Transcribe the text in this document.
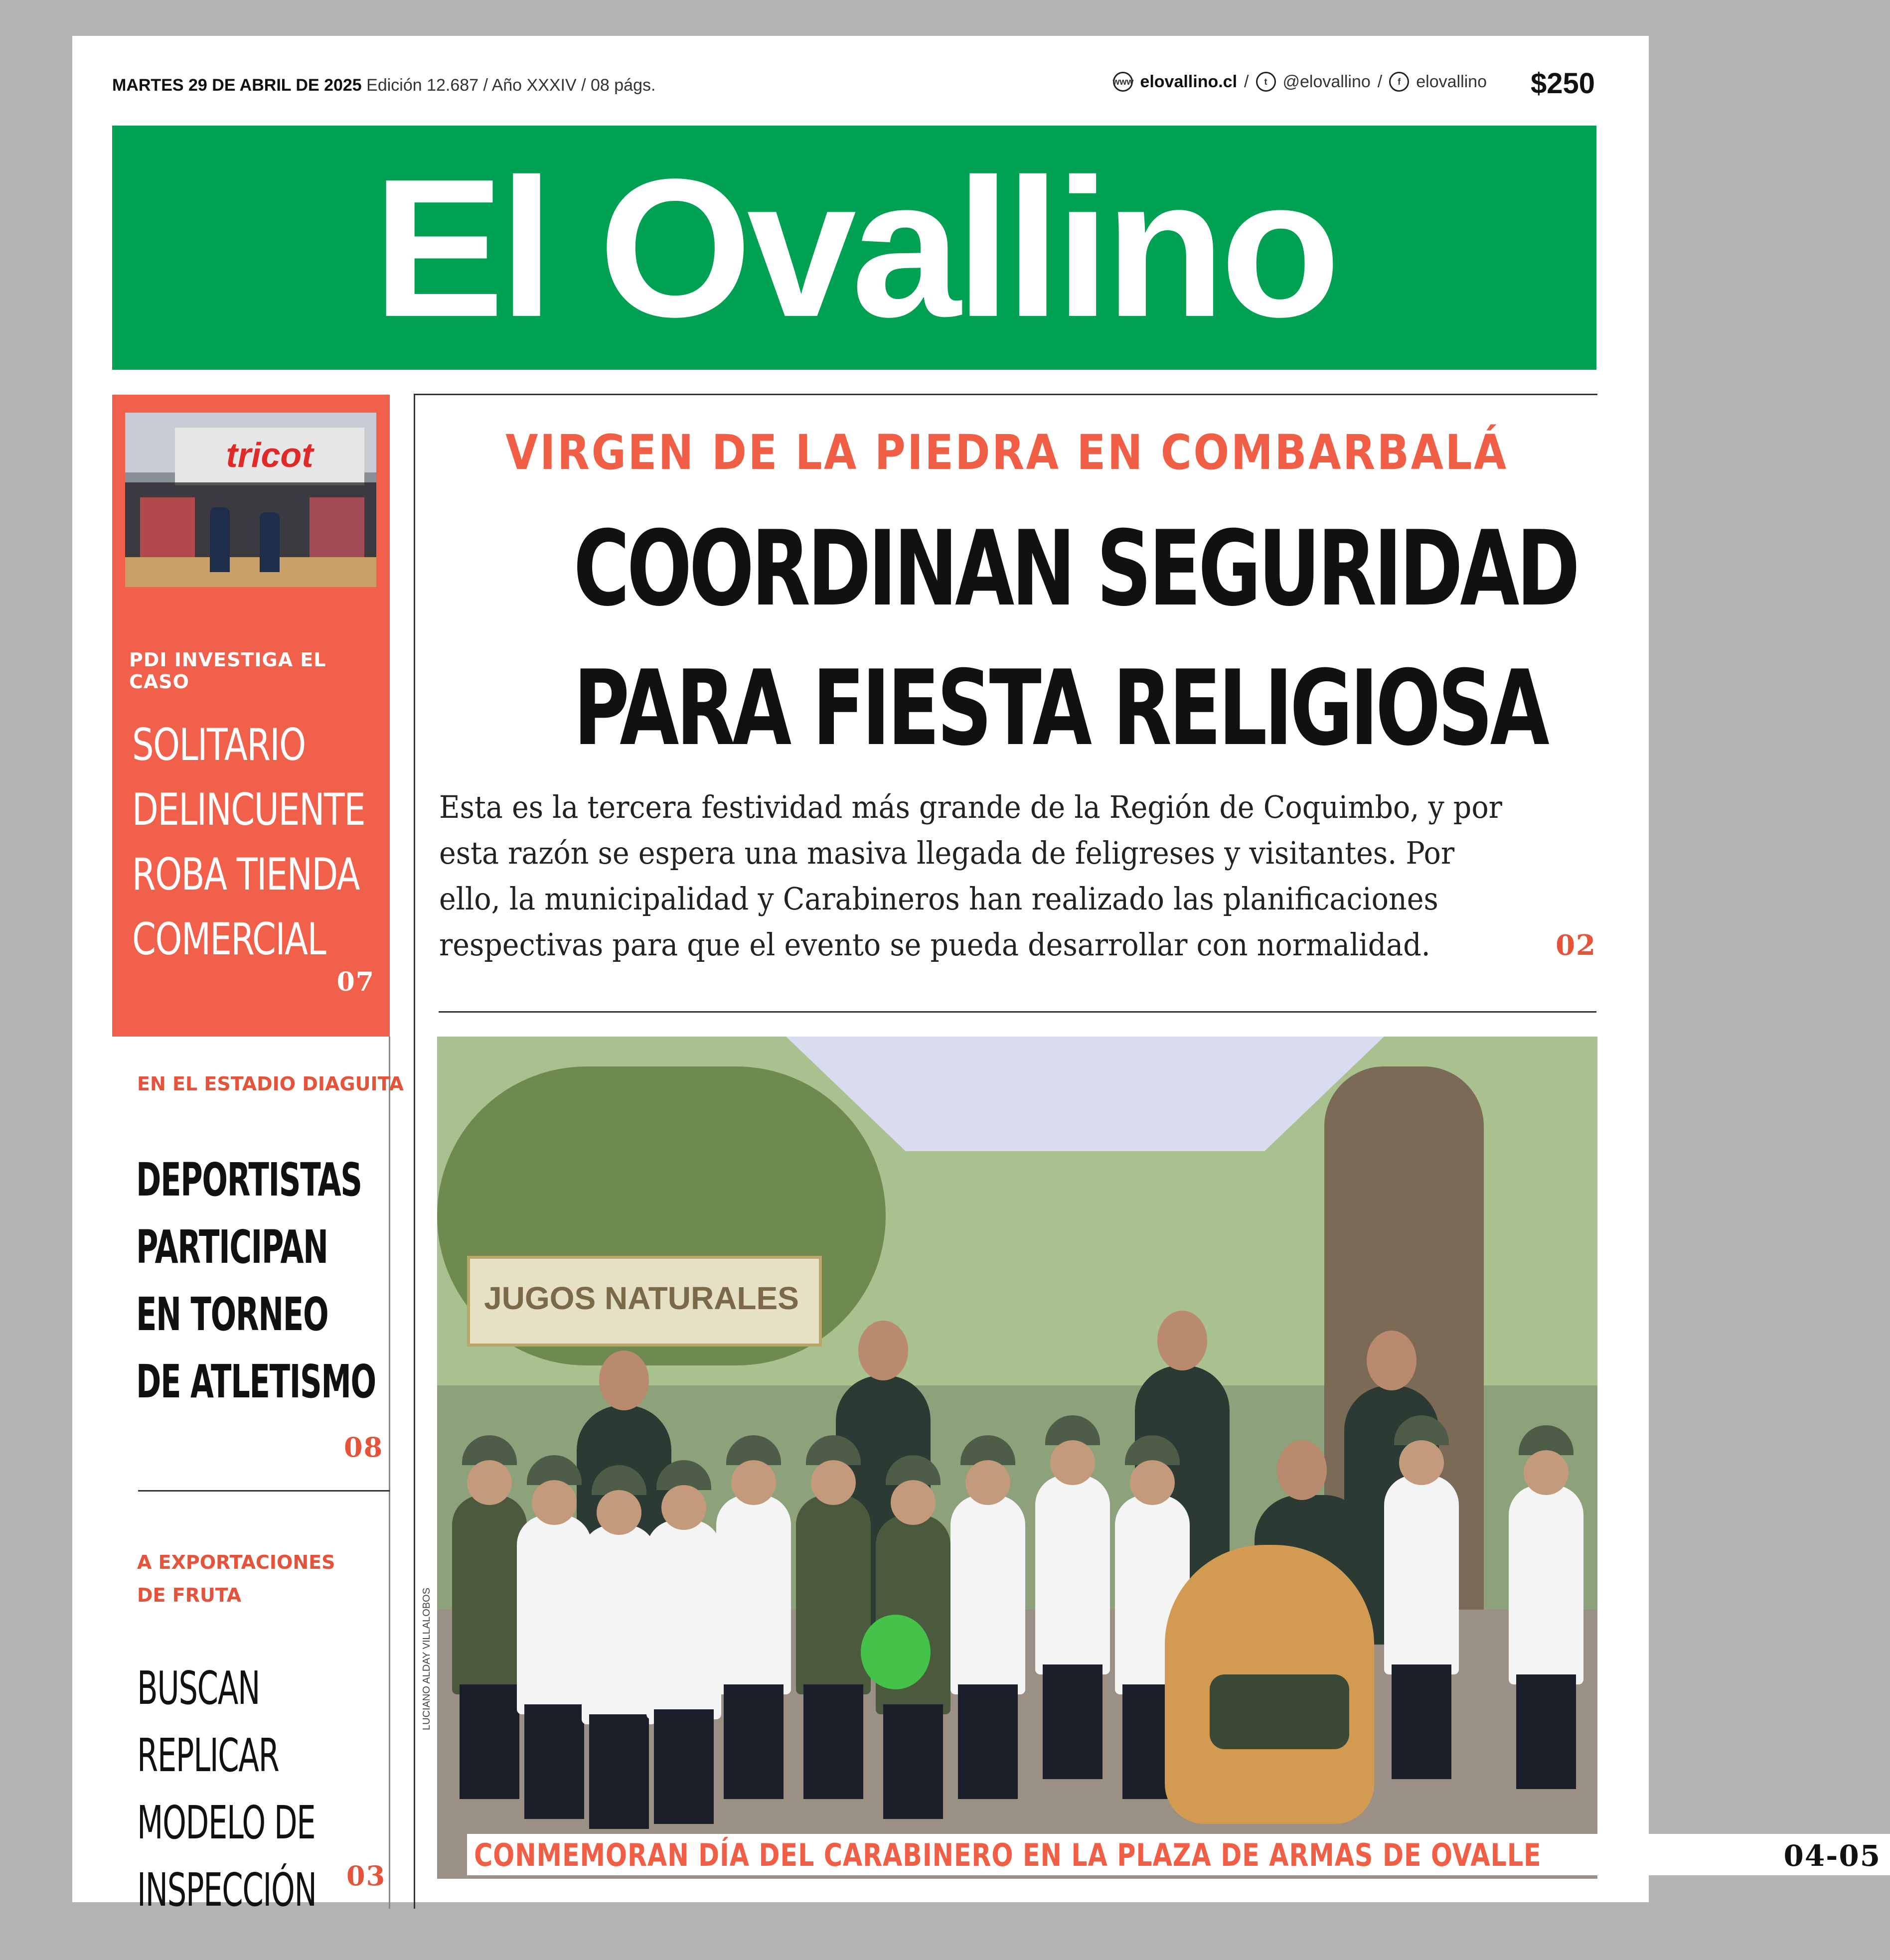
MARTES 29 DE ABRIL DE 2025 Edición 12.687 / Año XXXIV / 08 págs.	www elovallino.cl /	t @elovallino /	f elovallino $250
El Ovallino
tricot
PDI INVESTIGA EL CASO
SOLITARIO
DELINCUENTE
ROBA TIENDA
COMERCIAL
07
EN EL ESTADIO DIAGUITA
DEPORTISTAS
PARTICIPAN
EN TORNEO
DE ATLETISMO
08
A EXPORTACIONES
DE FRUTA
BUSCAN
REPLICAR
MODELO DE
INSPECCIÓN 03
VIRGEN DE LA PIEDRA EN COMBARBALÁ
COORDINAN SEGURIDAD
PARA FIESTA RELIGIOSA
Esta es la tercera festividad más grande de la Región de Coquimbo, y por
esta razón se espera una masiva llegada de feligreses y visitantes. Por
ello, la municipalidad y Carabineros han realizado las planificaciones
respectivas para que el evento se pueda desarrollar con normalidad.	02
JUGOS NATURALES
CONMEMORAN DÍA DEL CARABINERO EN LA PLAZA DE ARMAS DE OVALLE	04-05
LUCIANO ALDAY VILLALOBOS
